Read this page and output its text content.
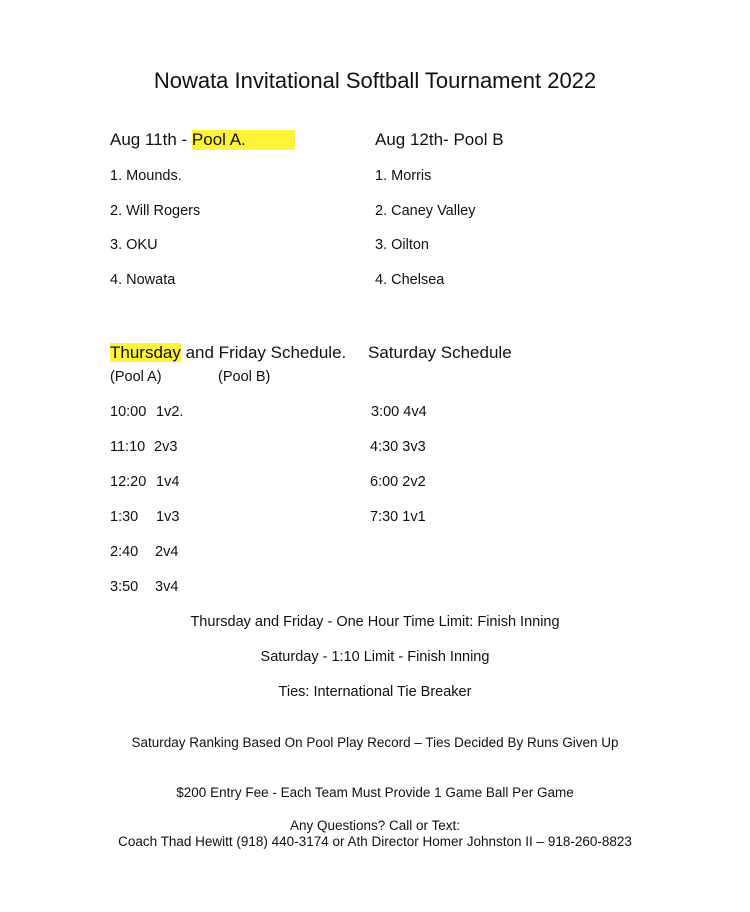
Nowata Invitational Softball Tournament 2022
Aug 11th - Pool A.
1. Mounds.
2. Will Rogers
3. OKU
4. Nowata
Aug 12th- Pool B
1. Morris
2. Caney Valley
3. Oilton
4. Chelsea
Thursday and Friday Schedule.
(Pool A)	(Pool B)
10:00 1v2.
11:10 2v3
12:20 1v4
1:30 1v3
2:40 2v4
3:50 3v4
Saturday Schedule
3:00 4v4
4:30 3v3
6:00 2v2
7:30 1v1
Thursday and Friday - One Hour Time Limit: Finish Inning
Saturday - 1:10 Limit - Finish Inning
Ties: International Tie Breaker
Saturday Ranking Based On Pool Play Record – Ties Decided By Runs Given Up
$200 Entry Fee - Each Team Must Provide 1 Game Ball Per Game
Any Questions? Call or Text:
Coach Thad Hewitt (918) 440-3174 or Ath Director Homer Johnston II – 918-260-8823
